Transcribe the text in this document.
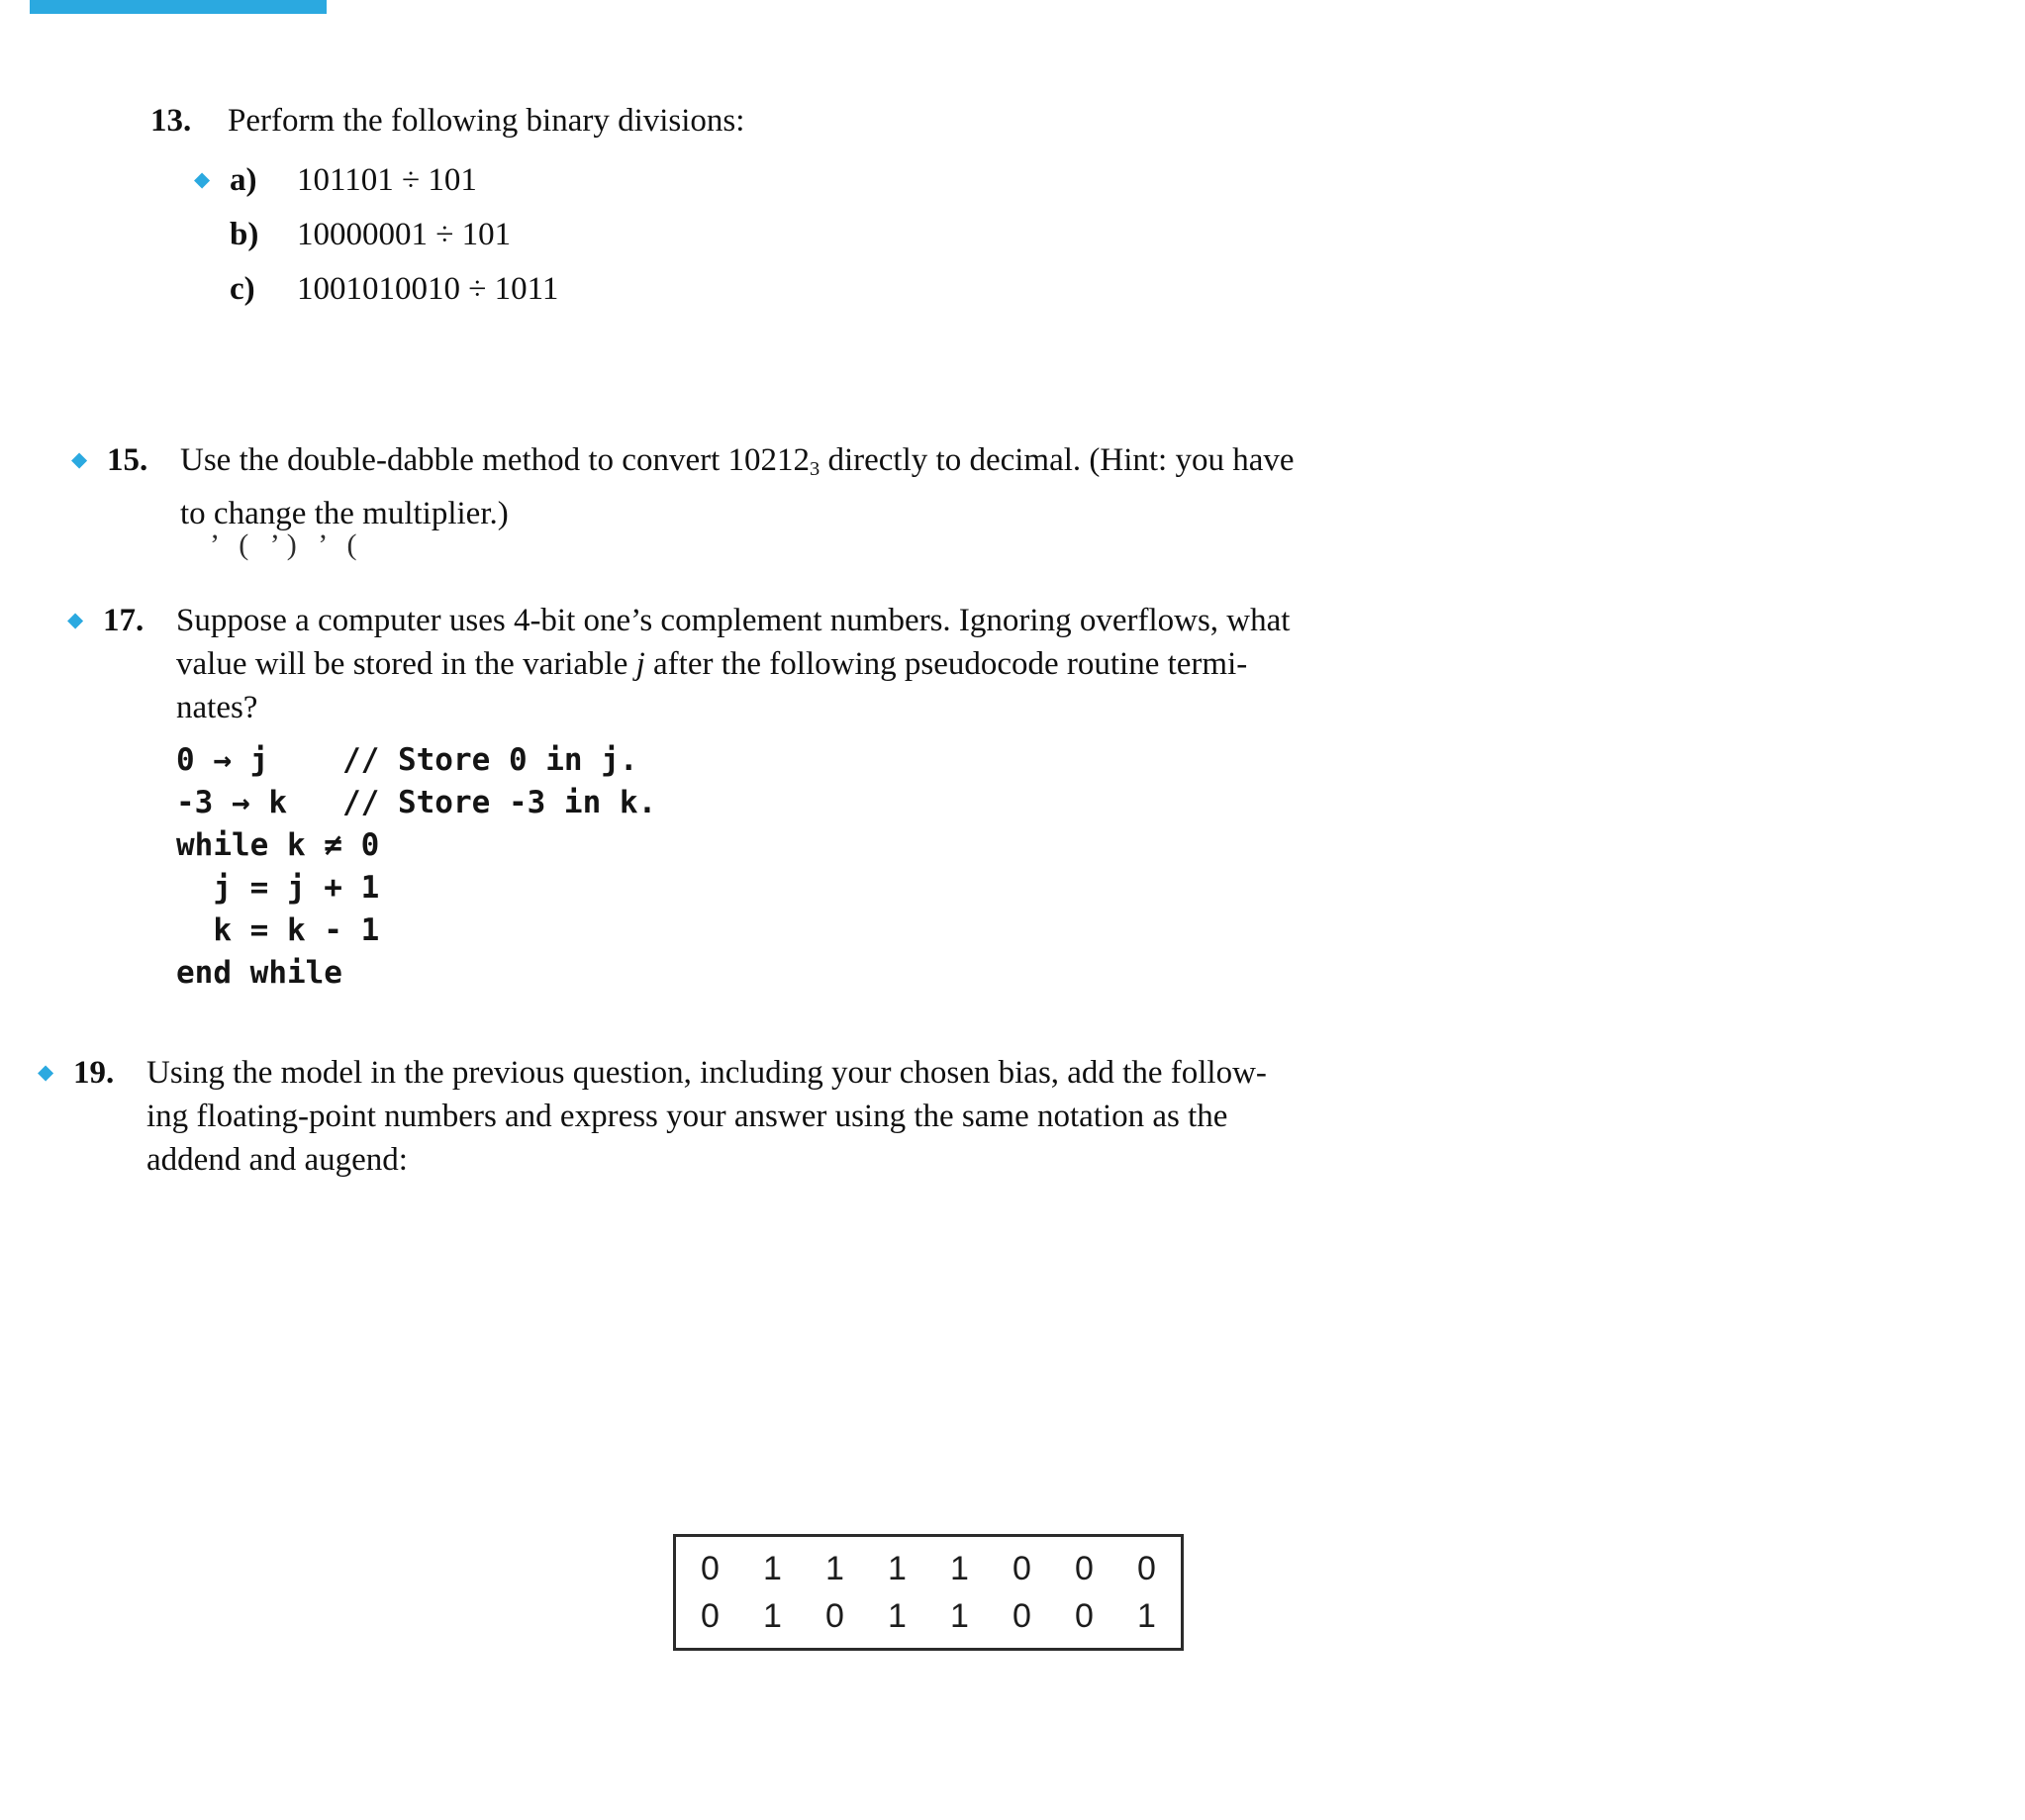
13.	Perform the following binary divisions:
◆ a)	101101 ÷ 101
b)	10000001 ÷ 101
c)	1001010010 ÷ 1011
◆ 15. Use the double-dabble method to convert $10212_3$ directly to decimal. (Hint: you have
to change the multiplier.)
’ ( ’) ’ (
◆ 17. Suppose a computer uses 4-bit one’s complement numbers. Ignoring overflows, what
value will be stored in the variable j after the following pseudocode routine termi-
nates?
0 → j    // Store 0 in j.
-3 → k   // Store -3 in k.
while k ≠ 0
j = j + 1
k = k - 1
end while
◆ 19. Using the model in the previous question, including your chosen bias, add the follow-
ing floating-point numbers and express your answer using the same notation as the
addend and augend:
0	1	1	1	1	0	0	0
0	1	0	1	1	0	0	1
